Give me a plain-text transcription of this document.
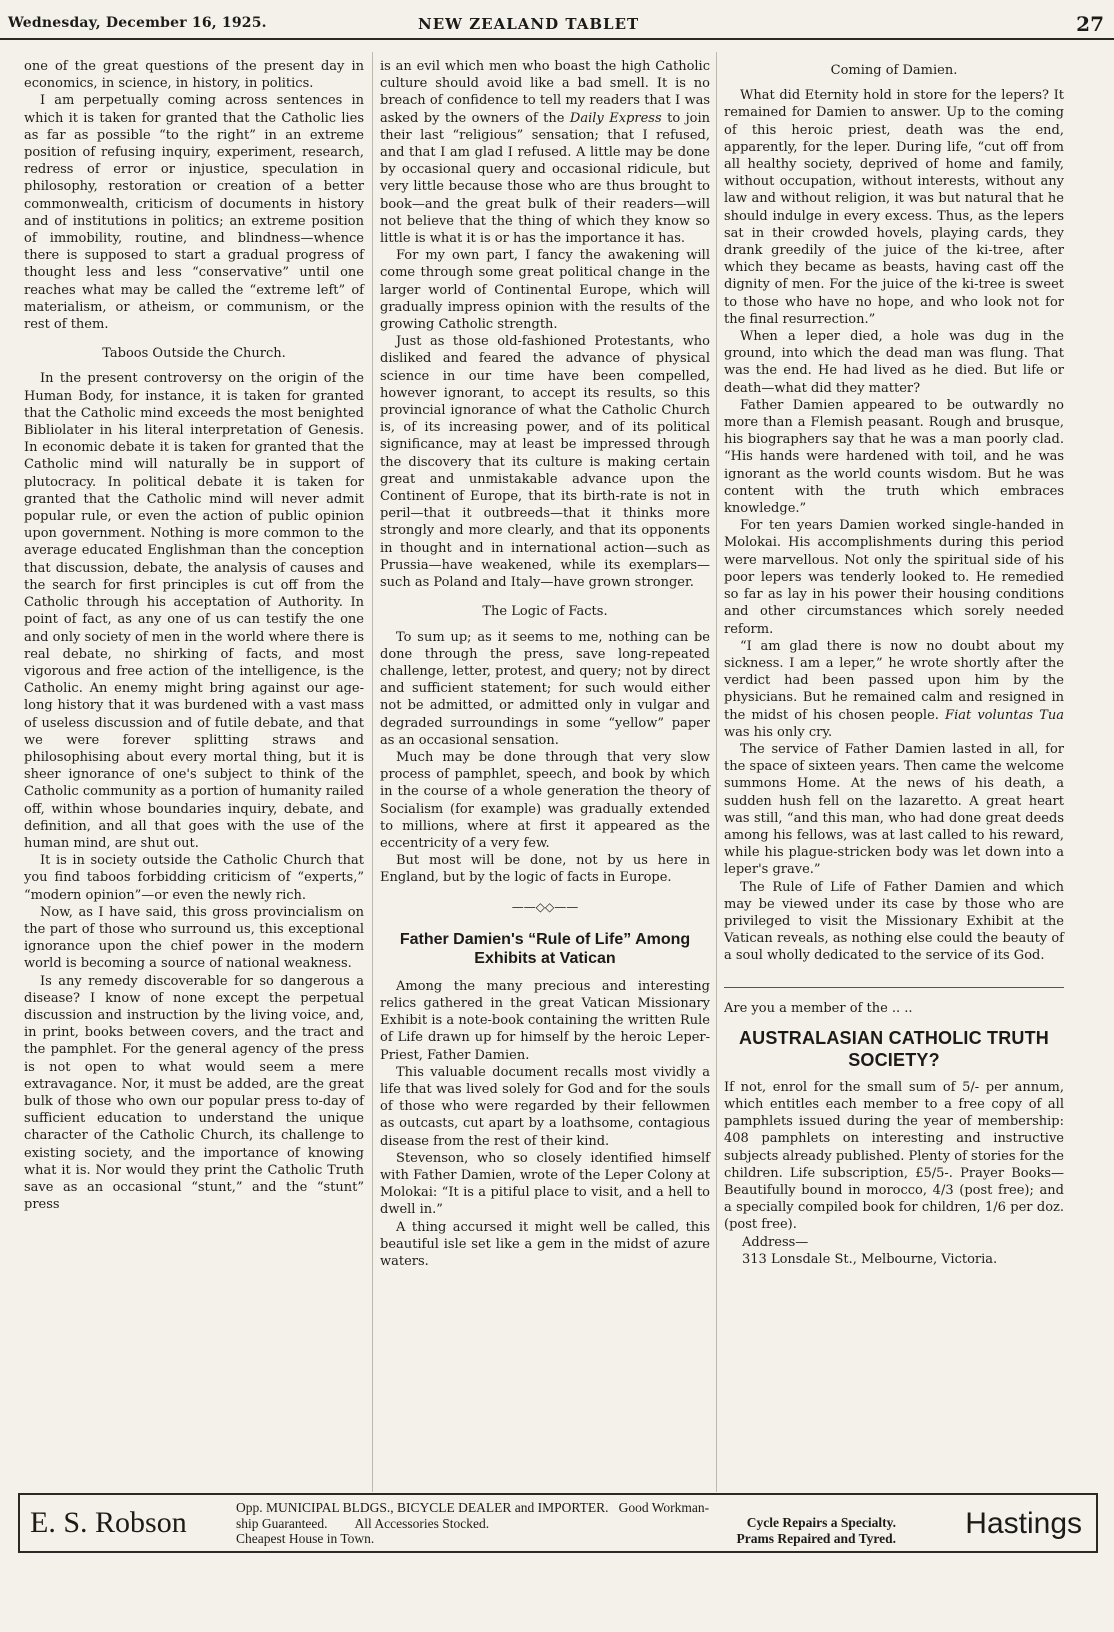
Wednesday, December 16, 1925.	NEW ZEALAND TABLET	27

one of the great questions of the present day in economics, in science, in history, in politics.

I am perpetually coming across sentences in which it is taken for granted that the Catholic lies as far as possible “to the right” in an extreme position of refusing inquiry, experiment, research, redress of error or injustice, speculation in philosophy, restoration or creation of a better commonwealth, criticism of documents in history and of institutions in politics; an extreme position of immobility, routine, and blindness—whence there is supposed to start a gradual progress of thought less and less “conservative” until one reaches what may be called the “extreme left” of materialism, or atheism, or communism, or the rest of them.

Taboos Outside the Church.

In the present controversy on the origin of the Human Body, for instance, it is taken for granted that the Catholic mind exceeds the most benighted Bibliolater in his literal interpretation of Genesis. In economic debate it is taken for granted that the Catholic mind will naturally be in support of plutocracy. In political debate it is taken for granted that the Catholic mind will never admit popular rule, or even the action of public opinion upon government. Nothing is more common to the average educated Englishman than the conception that discussion, debate, the analysis of causes and the search for first principles is cut off from the Catholic through his acceptation of Authority. In point of fact, as any one of us can testify the one and only society of men in the world where there is real debate, no shirking of facts, and most vigorous and free action of the intelligence, is the Catholic. An enemy might bring against our age-long history that it was burdened with a vast mass of useless discussion and of futile debate, and that we were forever splitting straws and philosophising about every mortal thing, but it is sheer ignorance of one's subject to think of the Catholic community as a portion of humanity railed off, within whose boundaries inquiry, debate, and definition, and all that goes with the use of the human mind, are shut out.

It is in society outside the Catholic Church that you find taboos forbidding criticism of “experts,” “modern opinion”—or even the newly rich.

Now, as I have said, this gross provincialism on the part of those who surround us, this exceptional ignorance upon the chief power in the modern world is becoming a source of national weakness.

Is any remedy discoverable for so dangerous a disease? I know of none except the perpetual discussion and instruction by the living voice, and, in print, books between covers, and the tract and the pamphlet. For the general agency of the press is not open to what would seem a mere extravagance. Nor, it must be added, are the great bulk of those who own our popular press to-day of sufficient education to understand the unique character of the Catholic Church, its challenge to existing society, and the importance of knowing what it is. Nor would they print the Catholic Truth save as an occasional “stunt,” and the “stunt” press

is an evil which men who boast the high Catholic culture should avoid like a bad smell. It is no breach of confidence to tell my readers that I was asked by the owners of the Daily Express to join their last “religious” sensation; that I refused, and that I am glad I refused. A little may be done by occasional query and occasional ridicule, but very little because those who are thus brought to book—and the great bulk of their readers—will not believe that the thing of which they know so little is what it is or has the importance it has.

For my own part, I fancy the awakening will come through some great political change in the larger world of Continental Europe, which will gradually impress opinion with the results of the growing Catholic strength.

Just as those old-fashioned Protestants, who disliked and feared the advance of physical science in our time have been compelled, however ignorant, to accept its results, so this provincial ignorance of what the Catholic Church is, of its increasing power, and of its political significance, may at least be impressed through the discovery that its culture is making certain great and unmistakable advance upon the Continent of Europe, that its birth-rate is not in peril—that it outbreeds—that it thinks more strongly and more clearly, and that its opponents in thought and in international action—such as Prussia—have weakened, while its exemplars—such as Poland and Italy—have grown stronger.

The Logic of Facts.

To sum up; as it seems to me, nothing can be done through the press, save long-repeated challenge, letter, protest, and query; not by direct and sufficient statement; for such would either not be admitted, or admitted only in vulgar and degraded surroundings in some “yellow” paper as an occasional sensation.

Much may be done through that very slow process of pamphlet, speech, and book by which in the course of a whole generation the theory of Socialism (for example) was gradually extended to millions, where at first it appeared as the eccentricity of a very few.

But most will be done, not by us here in England, but by the logic of facts in Europe.

——◇◇——
Father Damien's “Rule of Life” Among Exhibits at Vatican

Among the many precious and interesting relics gathered in the great Vatican Missionary Exhibit is a note-book containing the written Rule of Life drawn up for himself by the heroic Leper-Priest, Father Damien.

This valuable document recalls most vividly a life that was lived solely for God and for the souls of those who were regarded by their fellowmen as outcasts, cut apart by a loathsome, contagious disease from the rest of their kind.

Stevenson, who so closely identified himself with Father Damien, wrote of the Leper Colony at Molokai: “It is a pitiful place to visit, and a hell to dwell in.”

A thing accursed it might well be called, this beautiful isle set like a gem in the midst of azure waters.

Coming of Damien.

What did Eternity hold in store for the lepers? It remained for Damien to answer. Up to the coming of this heroic priest, death was the end, apparently, for the leper. During life, “cut off from all healthy society, deprived of home and family, without occupation, without interests, without any law and without religion, it was but natural that he should indulge in every excess. Thus, as the lepers sat in their crowded hovels, playing cards, they drank greedily of the juice of the ki-tree, after which they became as beasts, having cast off the dignity of men. For the juice of the ki-tree is sweet to those who have no hope, and who look not for the final resurrection.”

When a leper died, a hole was dug in the ground, into which the dead man was flung. That was the end. He had lived as he died. But life or death—what did they matter?

Father Damien appeared to be outwardly no more than a Flemish peasant. Rough and brusque, his biographers say that he was a man poorly clad. “His hands were hardened with toil, and he was ignorant as the world counts wisdom. But he was content with the truth which embraces knowledge.”

For ten years Damien worked single-handed in Molokai. His accomplishments during this period were marvellous. Not only the spiritual side of his poor lepers was tenderly looked to. He remedied so far as lay in his power their housing conditions and other circumstances which sorely needed reform.

“I am glad there is now no doubt about my sickness. I am a leper,” he wrote shortly after the verdict had been passed upon him by the physicians. But he remained calm and resigned in the midst of his chosen people. Fiat voluntas Tua was his only cry.

The service of Father Damien lasted in all, for the space of sixteen years. Then came the welcome summons Home. At the news of his death, a sudden hush fell on the lazaretto. A great heart was still, “and this man, who had done great deeds among his fellows, was at last called to his reward, while his plague-stricken body was let down into a leper's grave.”

The Rule of Life of Father Damien and which may be viewed under its case by those who are privileged to visit the Missionary Exhibit at the Vatican reveals, as nothing else could the beauty of a soul wholly dedicated to the service of its God.

Are you a member of the .. ..

AUSTRALASIAN CATHOLIC TRUTH SOCIETY?

If not, enrol for the small sum of 5/- per annum, which entitles each member to a free copy of all pamphlets issued during the year of membership: 408 pamphlets on interesting and instructive subjects already published. Plenty of stories for the children. Life subscription, £5/5-. Prayer Books—Beautifully bound in morocco, 4/3 (post free); and a specially compiled book for children, 1/6 per doz. (post free).

Address—

313 Lonsdale St., Melbourne, Victoria.

E. S. Robson	Opp. MUNICIPAL BLDGS., BICYCLE DEALER and IMPORTER. Good Workman-
ship Guaranteed. All Accessories Stocked.
Cheapest House in Town.
Cycle Repairs a Specialty.
Prams Repaired and Tyred. Hastings
